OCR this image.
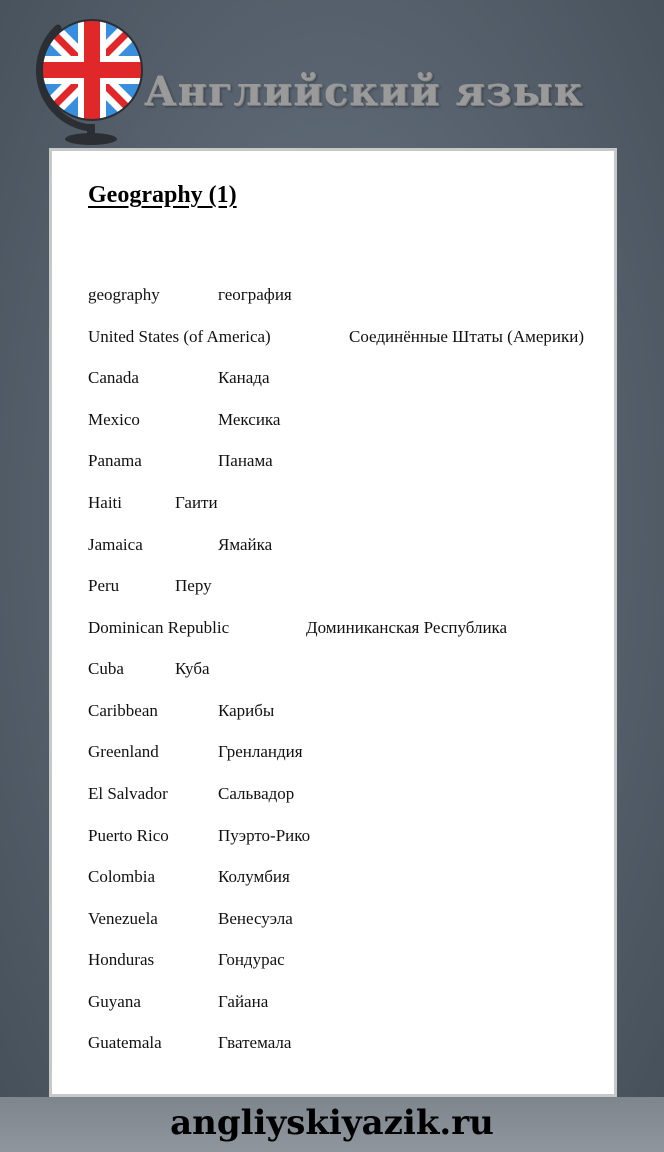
Английский язык
Geography (1)
geography	география
United States (of America)	Соединённые Штаты (Америки)
Canada	Канада
Mexico	Мексика
Panama	Панама
Haiti	Гаити
Jamaica	Ямайка
Peru	Перу
Dominican Republic	Доминиканская Республика
Cuba	Куба
Caribbean	Карибы
Greenland	Гренландия
El Salvador	Сальвадор
Puerto Rico	Пуэрто-Рико
Colombia	Колумбия
Venezuela	Венесуэла
Honduras	Гондурас
Guyana	Гайана
Guatemala	Гватемала
angliyskiyazik.ru
